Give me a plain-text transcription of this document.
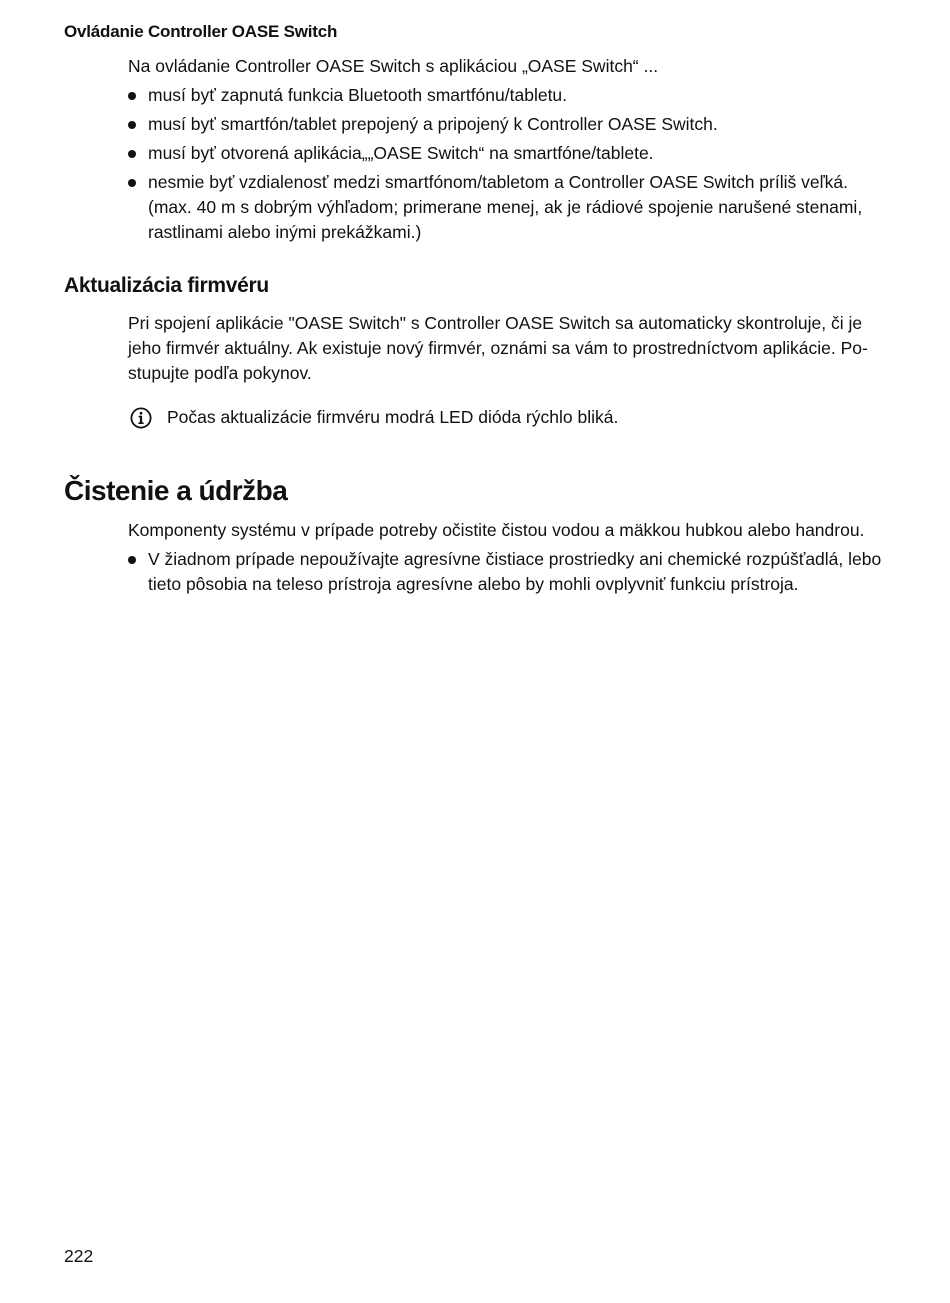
Ovládanie Controller OASE Switch

Na ovládanie Controller OASE Switch s aplikáciou „OASE Switch“ ...

musí byť zapnutá funkcia Bluetooth smartfónu/tabletu.
musí byť smartfón/tablet prepojený a pripojený k Controller OASE Switch.
musí byť otvorená aplikácia„„OASE Switch“ na smartfóne/tablete.
nesmie byť vzdialenosť medzi smartfónom/tabletom a Controller OASE Switch príliš veľká. (max. 40 m s dobrým výhľadom; primerane menej, ak je rádiové spojenie narušené stenami, rastlinami alebo inými prekážkami.)
Aktualizácia firmvéru

Pri spojení aplikácie "OASE Switch" s Controller OASE Switch sa automaticky skontroluje, či je jeho firmvér aktuálny. Ak existuje nový firmvér, oznámi sa vám to prostredníctvom aplikácie. Po-stupujte podľa pokynov.

Počas aktualizácie firmvéru modrá LED dióda rýchlo bliká.
Čistenie a údržba

Komponenty systému v prípade potreby očistite čistou vodou a mäkkou hubkou alebo handrou.

V žiadnom prípade nepoužívajte agresívne čistiace prostriedky ani chemické rozpúšťadlá, lebo tieto pôsobia na teleso prístroja agresívne alebo by mohli ovplyvniť funkciu prístroja.

222
